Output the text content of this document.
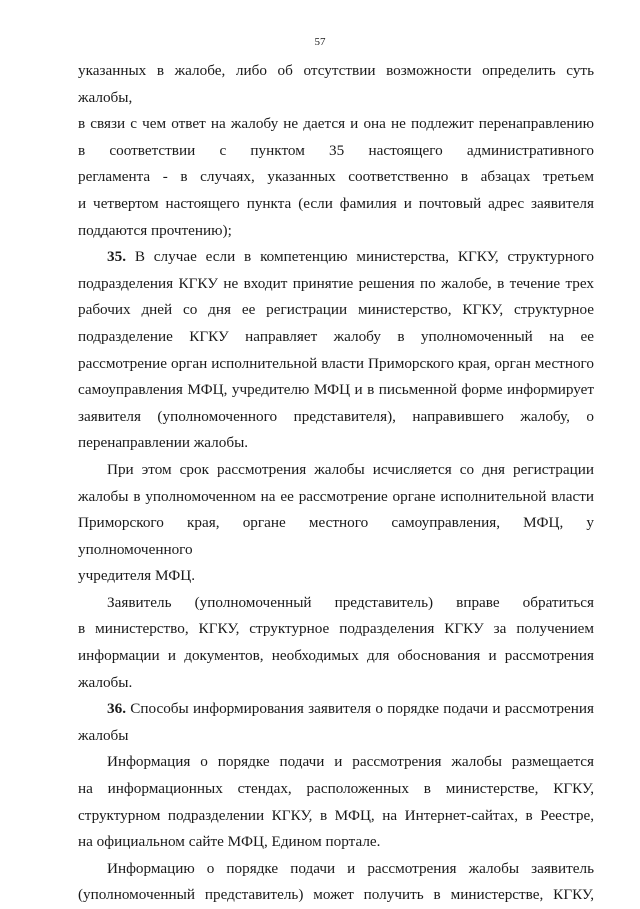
57

указанных в жалобе, либо об отсутствии возможности определить суть жалобы,

в связи с чем ответ на жалобу не дается и она не подлежит перенаправлению

в соответствии с пунктом 35 настоящего административного

регламента - в случаях, указанных соответственно в абзацах третьем

и четвертом настоящего пункта (если фамилия и почтовый адрес заявителя

поддаются прочтению);

35. В случае если в компетенцию министерства, КГКУ, структурного

подразделения КГКУ не входит принятие решения по жалобе, в течение трех

рабочих дней со дня ее регистрации министерство, КГКУ, структурное

подразделение КГКУ направляет жалобу в уполномоченный на ее

рассмотрение орган исполнительной власти Приморского края, орган местного

самоуправления МФЦ, учредителю МФЦ и в письменной форме информирует

заявителя (уполномоченного представителя), направившего жалобу, о

перенаправлении жалобы.

При этом срок рассмотрения жалобы исчисляется со дня регистрации

жалобы в уполномоченном на ее рассмотрение органе исполнительной власти

Приморского края, органе местного самоуправления, МФЦ, у уполномоченного

учредителя МФЦ.

Заявитель (уполномоченный представитель) вправе обратиться

в министерство, КГКУ, структурное подразделения КГКУ за получением

информации и документов, необходимых для обоснования и рассмотрения

жалобы.

36. Способы информирования заявителя о порядке подачи и рассмотрения

жалобы

Информация о порядке подачи и рассмотрения жалобы размещается

на информационных стендах, расположенных в министерстве, КГКУ,

структурном подразделении КГКУ, в МФЦ, на Интернет-сайтах, в Реестре,

на официальном сайте МФЦ, Едином портале.

Информацию о порядке подачи и рассмотрения жалобы заявитель

(уполномоченный представитель) может получить в министерстве, КГКУ,
